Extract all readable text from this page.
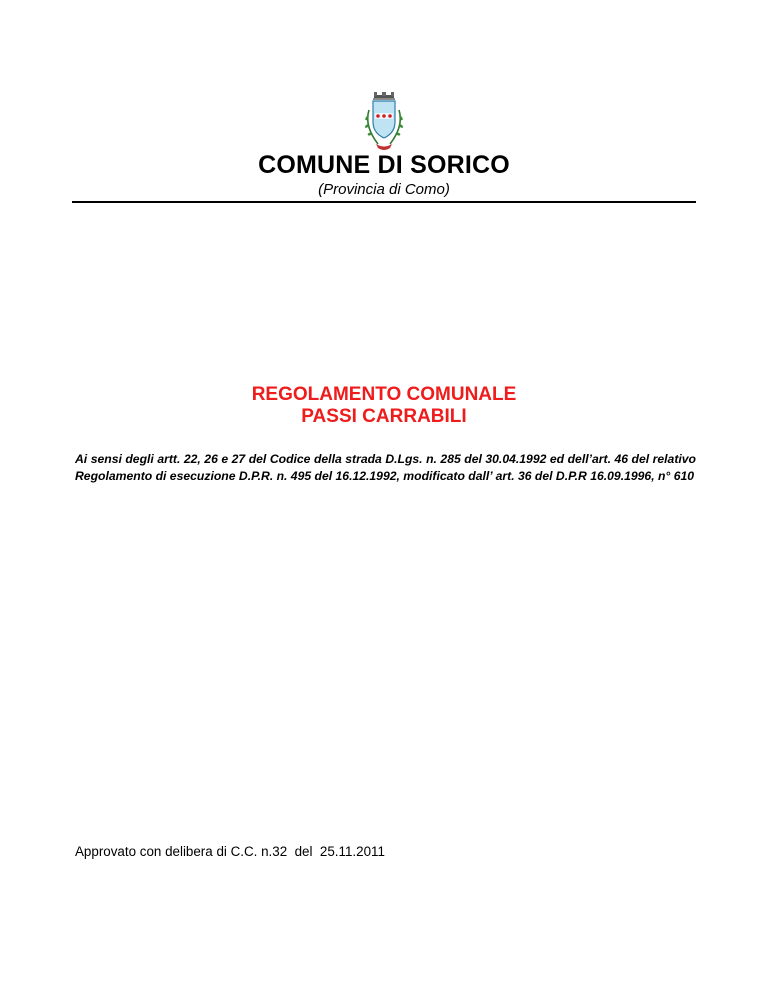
COMUNE DI SORICO
(Provincia di Como)
REGOLAMENTO COMUNALE
PASSI CARRABILI
Ai sensi degli artt. 22, 26 e 27 del Codice della strada D.Lgs. n. 285 del 30.04.1992 ed dell’art. 46 del relativo Regolamento di esecuzione D.P.R. n. 495 del 16.12.1992, modificato dall’ art. 36 del D.P.R 16.09.1996, n° 610
Approvato con delibera di C.C. n.32  del  25.11.2011
